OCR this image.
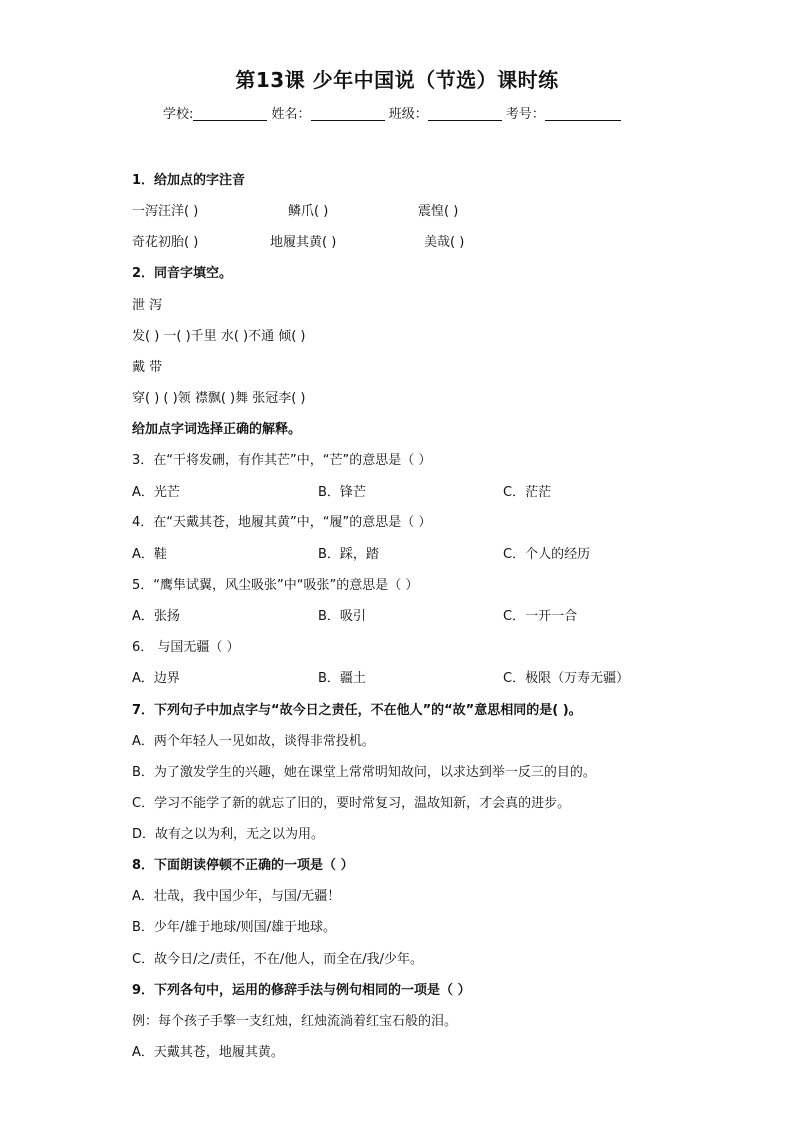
第13课 少年中国说（节选）课时练
学校:	姓名：	班级：	考号：
1．给加点的字注音
一泻汪洋( )	鳞爪( )	震惶( )
奇花初胎( )	地履其黄( )	美哉( )
2．同音字填空。
泄 泻
发( ) 一( )千里 水( )不通 倾( )
戴 带
穿( ) ( )领 襟飘( )舞 张冠李( )
给加点字词选择正确的解释。
3．在“干将发硎，有作其芒”中，“芒”的意思是（ ）
A．光芒	B．锋芒	C．茫茫
4．在“天戴其苍，地履其黄”中，“履”的意思是（ ）
A．鞋	B．踩，踏	C．个人的经历
5．“鹰隼试翼，风尘吸张”中“吸张”的意思是（ ）
A．张扬	B．吸引	C．一开一合
6． 与国无疆（ ）
A．边界	B．疆土	C．极限（万寿无疆）
7．下列句子中加点字与“故今日之责任，不在他人”的“故”意思相同的是( )。
A．两个年轻人一见如故，谈得非常投机。
B．为了激发学生的兴趣，她在课堂上常常明知故问，以求达到举一反三的目的。
C．学习不能学了新的就忘了旧的，要时常复习，温故知新，才会真的进步。
D．故有之以为利，无之以为用。
8．下面朗读停顿不正确的一项是（ ）
A．壮哉，我中国少年，与国/无疆！
B．少年/雄于地球/则国/雄于地球。
C．故今日/之/责任，不在/他人，而全在/我/少年。
9．下列各句中，运用的修辞手法与例句相同的一项是（ ）
例：每个孩子手擎一支红烛，红烛流淌着红宝石般的泪。
A．天戴其苍，地履其黄。
